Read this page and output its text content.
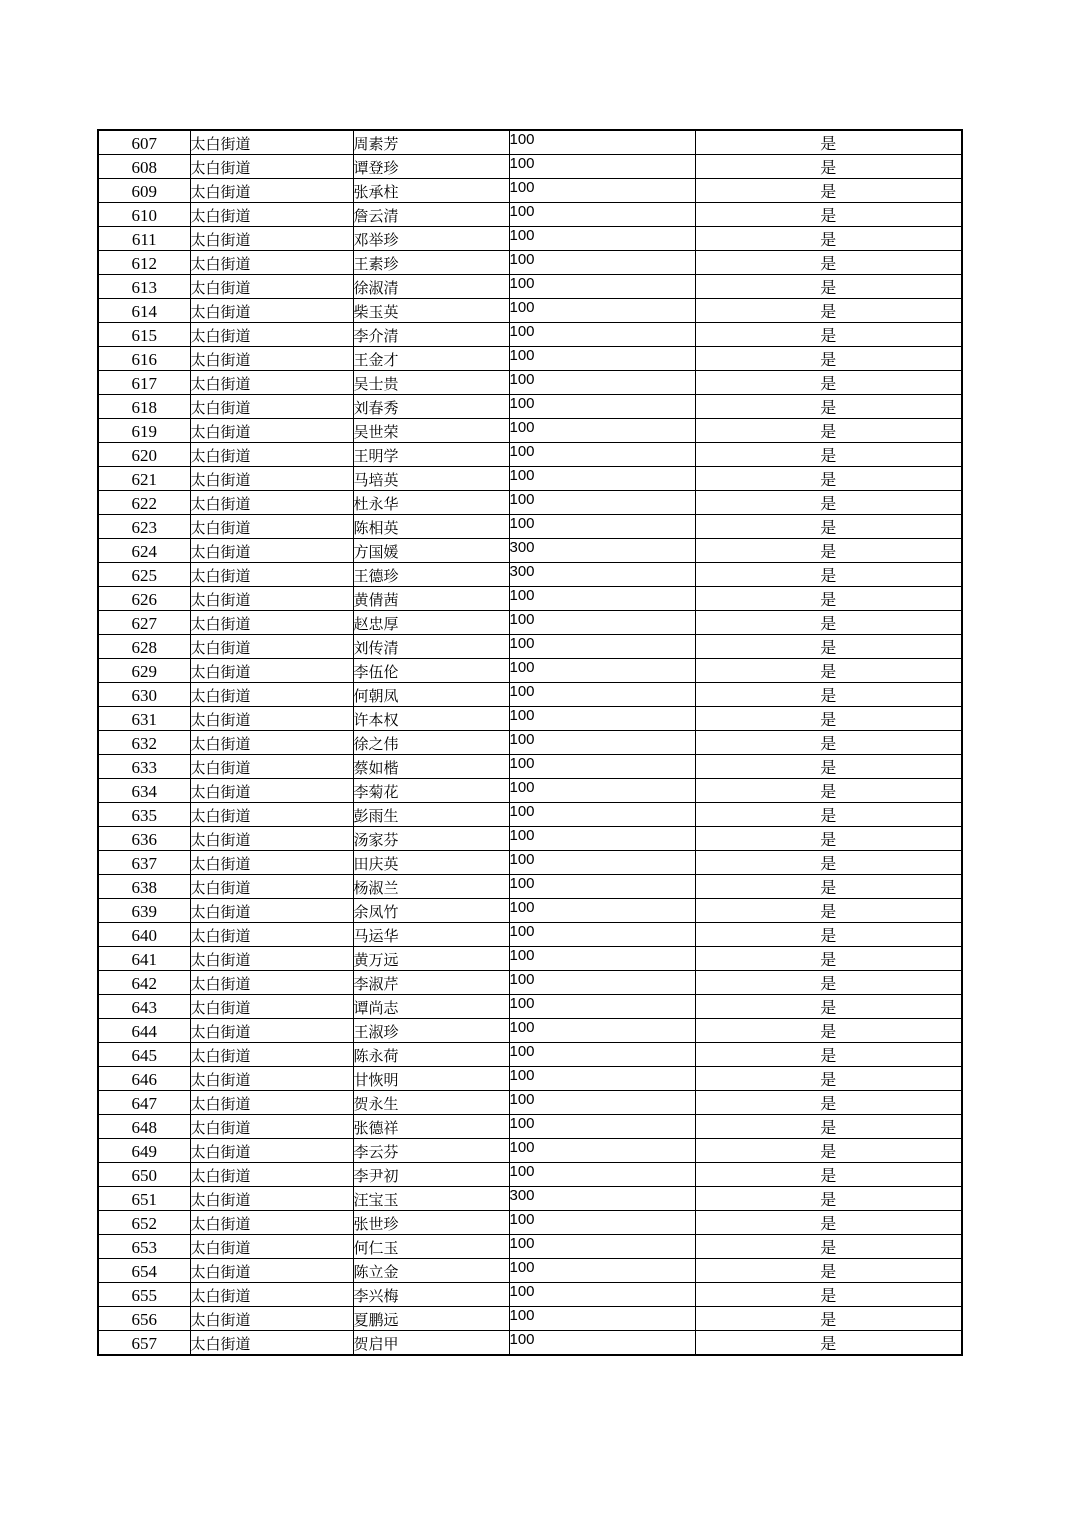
607	太白街道	周素芳	100	是
608	太白街道	谭登珍	100	是
609	太白街道	张承柱	100	是
610	太白街道	詹云清	100	是
611	太白街道	邓举珍	100	是
612	太白街道	王素珍	100	是
613	太白街道	徐淑清	100	是
614	太白街道	柴玉英	100	是
615	太白街道	李介清	100	是
616	太白街道	王金才	100	是
617	太白街道	吴士贵	100	是
618	太白街道	刘春秀	100	是
619	太白街道	吴世荣	100	是
620	太白街道	王明学	100	是
621	太白街道	马培英	100	是
622	太白街道	杜永华	100	是
623	太白街道	陈相英	100	是
624	太白街道	方国媛	300	是
625	太白街道	王德珍	300	是
626	太白街道	黄倩茜	100	是
627	太白街道	赵忠厚	100	是
628	太白街道	刘传清	100	是
629	太白街道	李伍伦	100	是
630	太白街道	何朝凤	100	是
631	太白街道	许本权	100	是
632	太白街道	徐之伟	100	是
633	太白街道	蔡如楷	100	是
634	太白街道	李菊花	100	是
635	太白街道	彭雨生	100	是
636	太白街道	汤家芬	100	是
637	太白街道	田庆英	100	是
638	太白街道	杨淑兰	100	是
639	太白街道	余凤竹	100	是
640	太白街道	马运华	100	是
641	太白街道	黄万远	100	是
642	太白街道	李淑芹	100	是
643	太白街道	谭尚志	100	是
644	太白街道	王淑珍	100	是
645	太白街道	陈永荷	100	是
646	太白街道	甘恢明	100	是
647	太白街道	贺永生	100	是
648	太白街道	张德祥	100	是
649	太白街道	李云芬	100	是
650	太白街道	李尹初	100	是
651	太白街道	汪宝玉	300	是
652	太白街道	张世珍	100	是
653	太白街道	何仁玉	100	是
654	太白街道	陈立金	100	是
655	太白街道	李兴梅	100	是
656	太白街道	夏鹏远	100	是
657	太白街道	贺启甲	100	是
